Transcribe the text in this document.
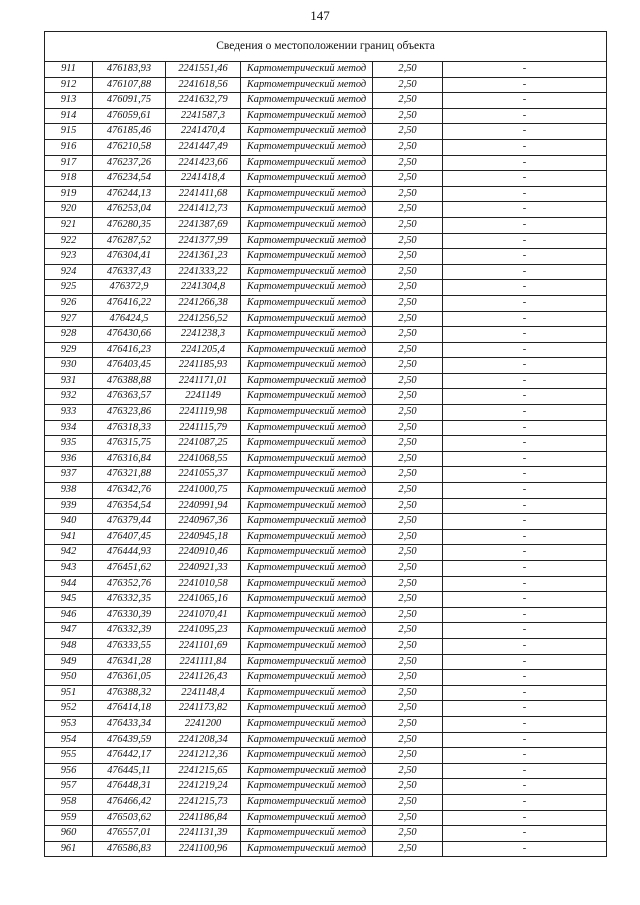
147
Сведения о местоположении границ объекта					
911	476183,93	2241551,46	Картометрический метод	2,50	-
912	476107,88	2241618,56	Картометрический метод	2,50	-
913	476091,75	2241632,79	Картометрический метод	2,50	-
914	476059,61	2241587,3	Картометрический метод	2,50	-
915	476185,46	2241470,4	Картометрический метод	2,50	-
916	476210,58	2241447,49	Картометрический метод	2,50	-
917	476237,26	2241423,66	Картометрический метод	2,50	-
918	476234,54	2241418,4	Картометрический метод	2,50	-
919	476244,13	2241411,68	Картометрический метод	2,50	-
920	476253,04	2241412,73	Картометрический метод	2,50	-
921	476280,35	2241387,69	Картометрический метод	2,50	-
922	476287,52	2241377,99	Картометрический метод	2,50	-
923	476304,41	2241361,23	Картометрический метод	2,50	-
924	476337,43	2241333,22	Картометрический метод	2,50	-
925	476372,9	2241304,8	Картометрический метод	2,50	-
926	476416,22	2241266,38	Картометрический метод	2,50	-
927	476424,5	2241256,52	Картометрический метод	2,50	-
928	476430,66	2241238,3	Картометрический метод	2,50	-
929	476416,23	2241205,4	Картометрический метод	2,50	-
930	476403,45	2241185,93	Картометрический метод	2,50	-
931	476388,88	2241171,01	Картометрический метод	2,50	-
932	476363,57	2241149	Картометрический метод	2,50	-
933	476323,86	2241119,98	Картометрический метод	2,50	-
934	476318,33	2241115,79	Картометрический метод	2,50	-
935	476315,75	2241087,25	Картометрический метод	2,50	-
936	476316,84	2241068,55	Картометрический метод	2,50	-
937	476321,88	2241055,37	Картометрический метод	2,50	-
938	476342,76	2241000,75	Картометрический метод	2,50	-
939	476354,54	2240991,94	Картометрический метод	2,50	-
940	476379,44	2240967,36	Картометрический метод	2,50	-
941	476407,45	2240945,18	Картометрический метод	2,50	-
942	476444,93	2240910,46	Картометрический метод	2,50	-
943	476451,62	2240921,33	Картометрический метод	2,50	-
944	476352,76	2241010,58	Картометрический метод	2,50	-
945	476332,35	2241065,16	Картометрический метод	2,50	-
946	476330,39	2241070,41	Картометрический метод	2,50	-
947	476332,39	2241095,23	Картометрический метод	2,50	-
948	476333,55	2241101,69	Картометрический метод	2,50	-
949	476341,28	2241111,84	Картометрический метод	2,50	-
950	476361,05	2241126,43	Картометрический метод	2,50	-
951	476388,32	2241148,4	Картометрический метод	2,50	-
952	476414,18	2241173,82	Картометрический метод	2,50	-
953	476433,34	2241200	Картометрический метод	2,50	-
954	476439,59	2241208,34	Картометрический метод	2,50	-
955	476442,17	2241212,36	Картометрический метод	2,50	-
956	476445,11	2241215,65	Картометрический метод	2,50	-
957	476448,31	2241219,24	Картометрический метод	2,50	-
958	476466,42	2241215,73	Картометрический метод	2,50	-
959	476503,62	2241186,84	Картометрический метод	2,50	-
960	476557,01	2241131,39	Картометрический метод	2,50	-
961	476586,83	2241100,96	Картометрический метод	2,50	-
